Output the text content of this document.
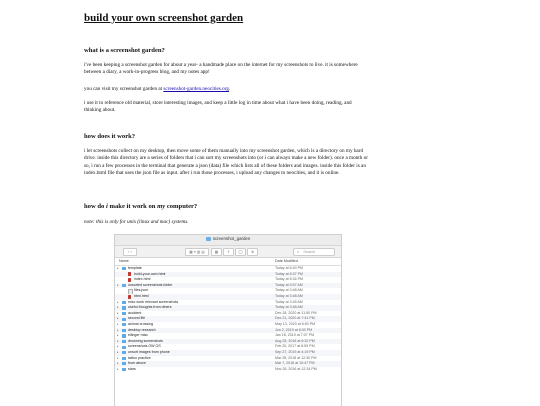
build your own screenshot garden
what is a screenshot garden?

i've been keeping a screenshot garden for about a year- a handmade place on the internet for my screenshots to live. it is somewhere between a diary, a work-in-progress blog, and my notes app!

you can visit my screenshot garden at screenshot-garden.neocities.org.

i use it to reference old material, store interesting images, and keep a little log in time about what i have been doing, reading, and thinking about.

how does it work?

i let screenshots collect on my desktop, then move some of them manually into my screenshot garden, which is a directory on my hard drive. inside this directory are a series of folders that i can sort my screenshots into (or i can always make a new folder). once a month or so, i run a few processes in the terminal that generate a json (data) file which lists all of these folders and images. inside this folder is an index.html file that uses the json file as input. after i run those processes, i upload any changes to neocities, and it is online.

how do i make it work on my computer?

note: this is only for unix (linux and mac) systems.

screenshot_garden
‹ ›	▦ ≡ ▥ ▤	▦	⇪	◯	✲	⌕ Search
Name	Date Modified
▸	template	Today at 6:40 PM
build-your-own.html	Today at 6:37 PM
index.html	Today at 6:34 PM
▸	unsorted screenshots folder	Today at 5:57 AM
files.json	Today at 3:48 AM
html.html	Today at 3:48 AM
▸	misc work relevant screenshots	Today at 3:45 AM
▸	useful thoughts from others	Today at 3:48 AM
▸	accident	Dec 28, 2020 at 11:50 PM
▸	second life	Dec 21, 2020 at 7:41 PM
▸	animal crossing	May 13, 2020 at 6:50 PM
▸	desktop research	Jun 2, 2019 at 6:00 PM
▸	ellinger misc	Jan 18, 2019 at 7:07 PM
▸	drowning screenshots	Aug 28, 2018 at 6:32 PM
▸	screenshots OW OS	Feb 20, 2017 at 6:59 PM
▸	unsort images from phone	Sep 27, 2019 at 4:19 PM
▸	tattoo practice	Mar 28, 2018 at 12:30 PM
▸	from above	Mar 7, 2018 at 10:47 PM
▸	stars	Nov 28, 2016 at 12:34 PM
